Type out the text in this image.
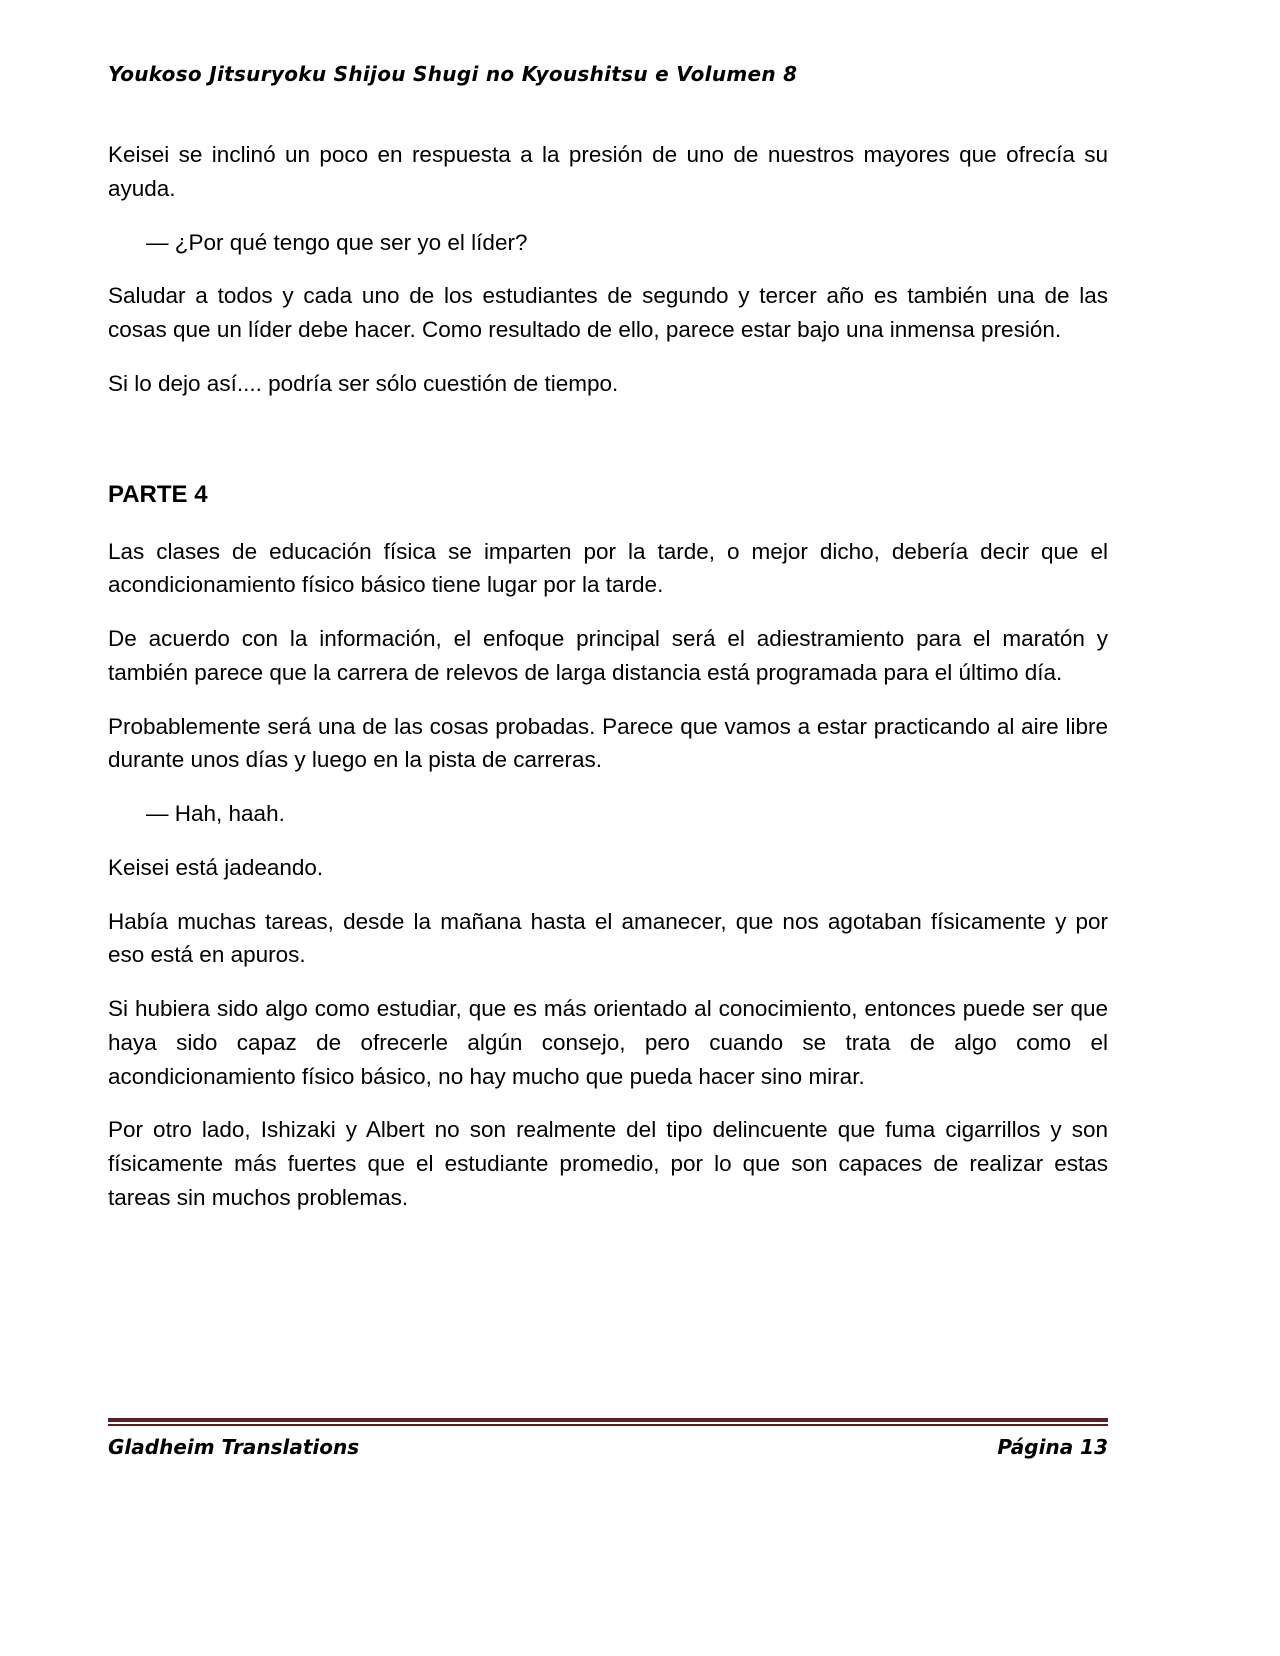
Youkoso Jitsuryoku Shijou Shugi no Kyoushitsu e Volumen 8

Keisei se inclinó un poco en respuesta a la presión de uno de nuestros mayores que ofrecía su ayuda.

— ¿Por qué tengo que ser yo el líder?

Saludar a todos y cada uno de los estudiantes de segundo y tercer año es también una de las cosas que un líder debe hacer. Como resultado de ello, parece estar bajo una inmensa presión.

Si lo dejo así.... podría ser sólo cuestión de tiempo.

PARTE 4

Las clases de educación física se imparten por la tarde, o mejor dicho, debería decir que el acondicionamiento físico básico tiene lugar por la tarde.

De acuerdo con la información, el enfoque principal será el adiestramiento para el maratón y también parece que la carrera de relevos de larga distancia está programada para el último día.

Probablemente será una de las cosas probadas. Parece que vamos a estar practicando al aire libre durante unos días y luego en la pista de carreras.

— Hah, haah.

Keisei está jadeando.

Había muchas tareas, desde la mañana hasta el amanecer, que nos agotaban físicamente y por eso está en apuros.

Si hubiera sido algo como estudiar, que es más orientado al conocimiento, entonces puede ser que haya sido capaz de ofrecerle algún consejo, pero cuando se trata de algo como el acondicionamiento físico básico, no hay mucho que pueda hacer sino mirar.

Por otro lado, Ishizaki y Albert no son realmente del tipo delincuente que fuma cigarrillos y son físicamente más fuertes que el estudiante promedio, por lo que son capaces de realizar estas tareas sin muchos problemas.

Gladheim Translations	Página 13
